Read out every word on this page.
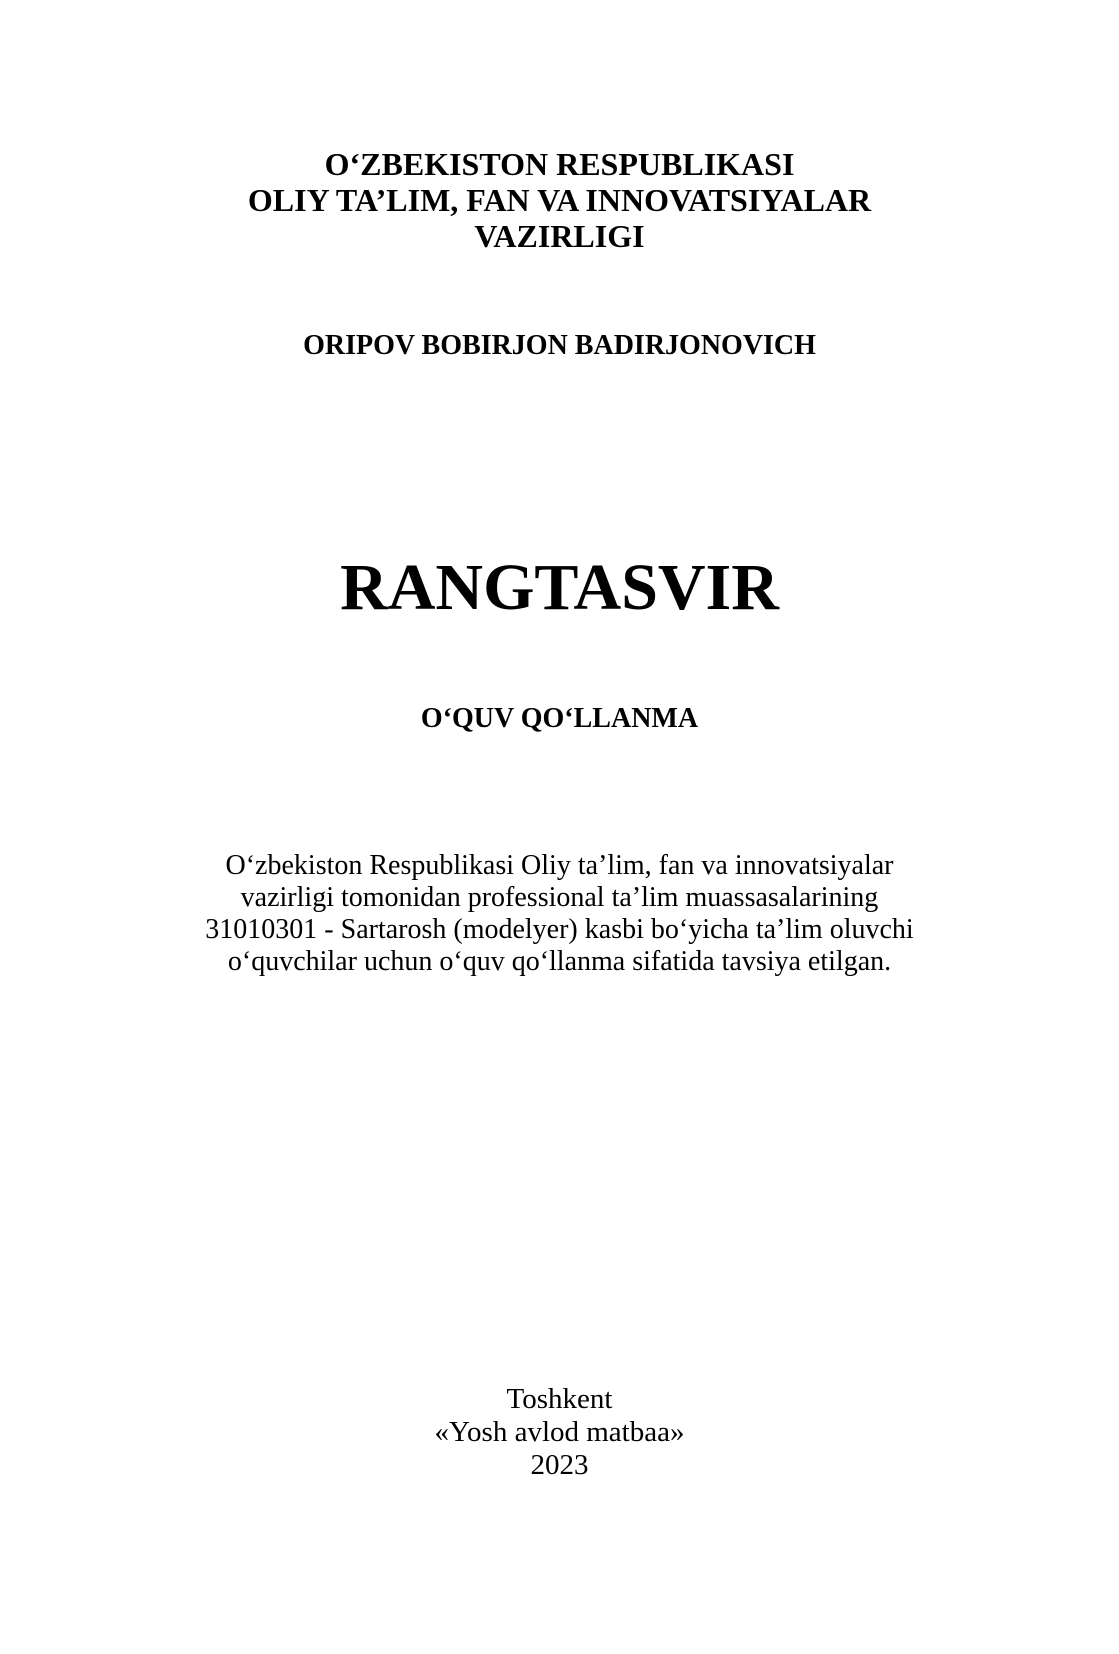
O‘ZBEKISTON RESPUBLIKASI
OLIY TA’LIM, FAN VA INNOVATSIYALAR
VAZIRLIGI
ORIPOV BOBIRJON BADIRJONOVICH
RANGTASVIR
O‘QUV QO‘LLANMA
O‘zbekiston Respublikasi Oliy ta’lim, fan va innovatsiyalar
vazirligi tomonidan professional ta’lim muassasalarining
31010301 - Sartarosh (modelyer) kasbi bo‘yicha ta’lim oluvchi
o‘quvchilar uchun o‘quv qo‘llanma sifatida tavsiya etilgan.
Toshkent
«Yosh avlod matbaa»
2023
